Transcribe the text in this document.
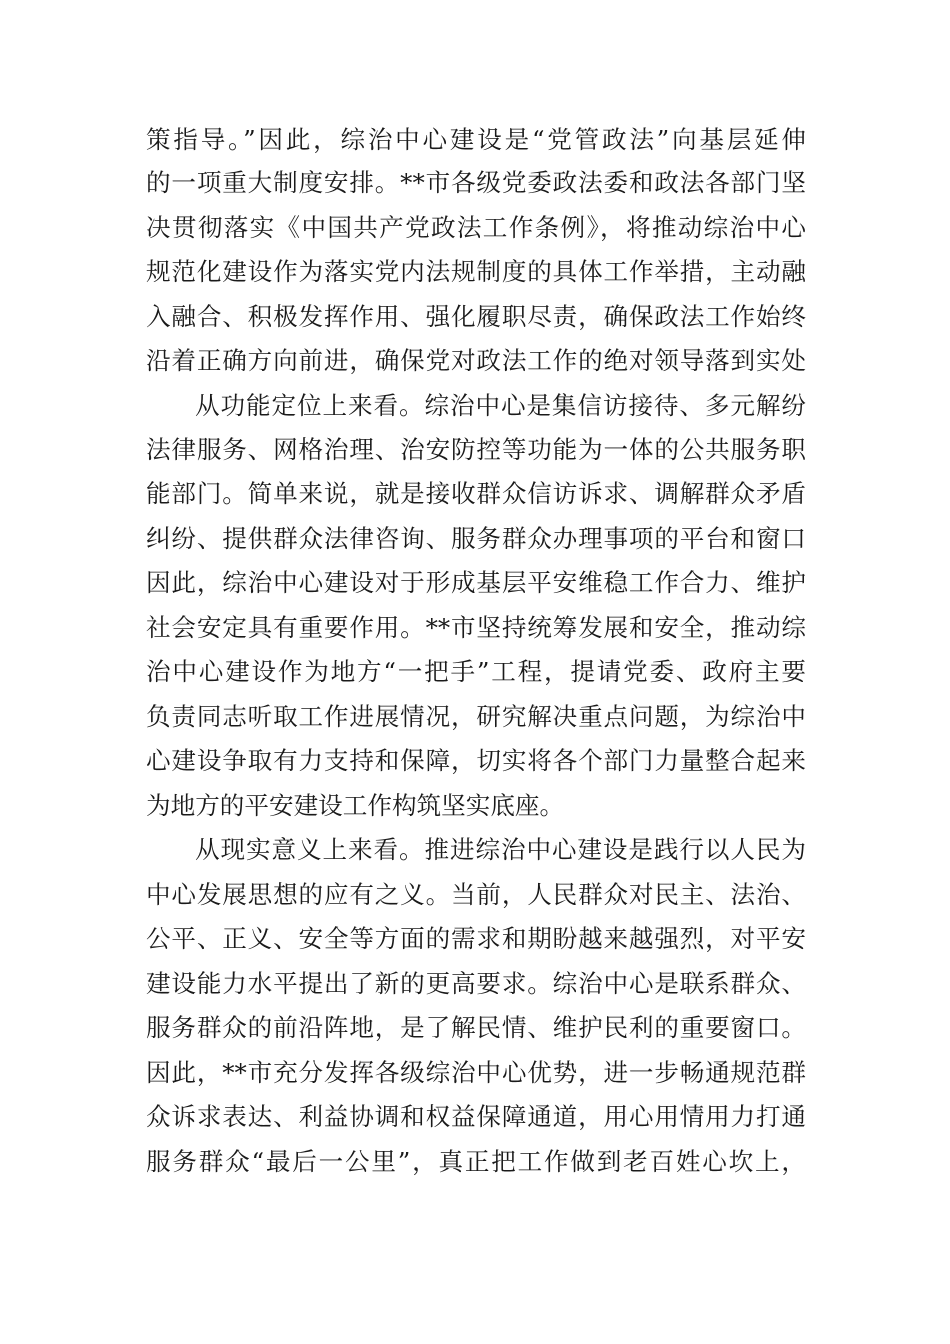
策指导。”因此，综治中心建设是“党管政法”向基层延伸
的一项重大制度安排。**市各级党委政法委和政法各部门坚
决贯彻落实《中国共产党政法工作条例》，将推动综治中心
规范化建设作为落实党内法规制度的具体工作举措，主动融
入融合、积极发挥作用、强化履职尽责，确保政法工作始终
沿着正确方向前进，确保党对政法工作的绝对领导落到实处
从功能定位上来看。综治中心是集信访接待、多元解纷
法律服务、网格治理、治安防控等功能为一体的公共服务职
能部门。简单来说，就是接收群众信访诉求、调解群众矛盾
纠纷、提供群众法律咨询、服务群众办理事项的平台和窗口
因此，综治中心建设对于形成基层平安维稳工作合力、维护
社会安定具有重要作用。**市坚持统筹发展和安全，推动综
治中心建设作为地方“一把手”工程，提请党委、政府主要
负责同志听取工作进展情况，研究解决重点问题，为综治中
心建设争取有力支持和保障，切实将各个部门力量整合起来
为地方的平安建设工作构筑坚实底座。
从现实意义上来看。推进综治中心建设是践行以人民为
中心发展思想的应有之义。当前，人民群众对民主、法治、
公平、正义、安全等方面的需求和期盼越来越强烈，对平安
建设能力水平提出了新的更高要求。综治中心是联系群众、
服务群众的前沿阵地，是了解民情、维护民利的重要窗口。
因此，**市充分发挥各级综治中心优势，进一步畅通规范群
众诉求表达、利益协调和权益保障通道，用心用情用力打通
服务群众“最后一公里”，真正把工作做到老百姓心坎上，
